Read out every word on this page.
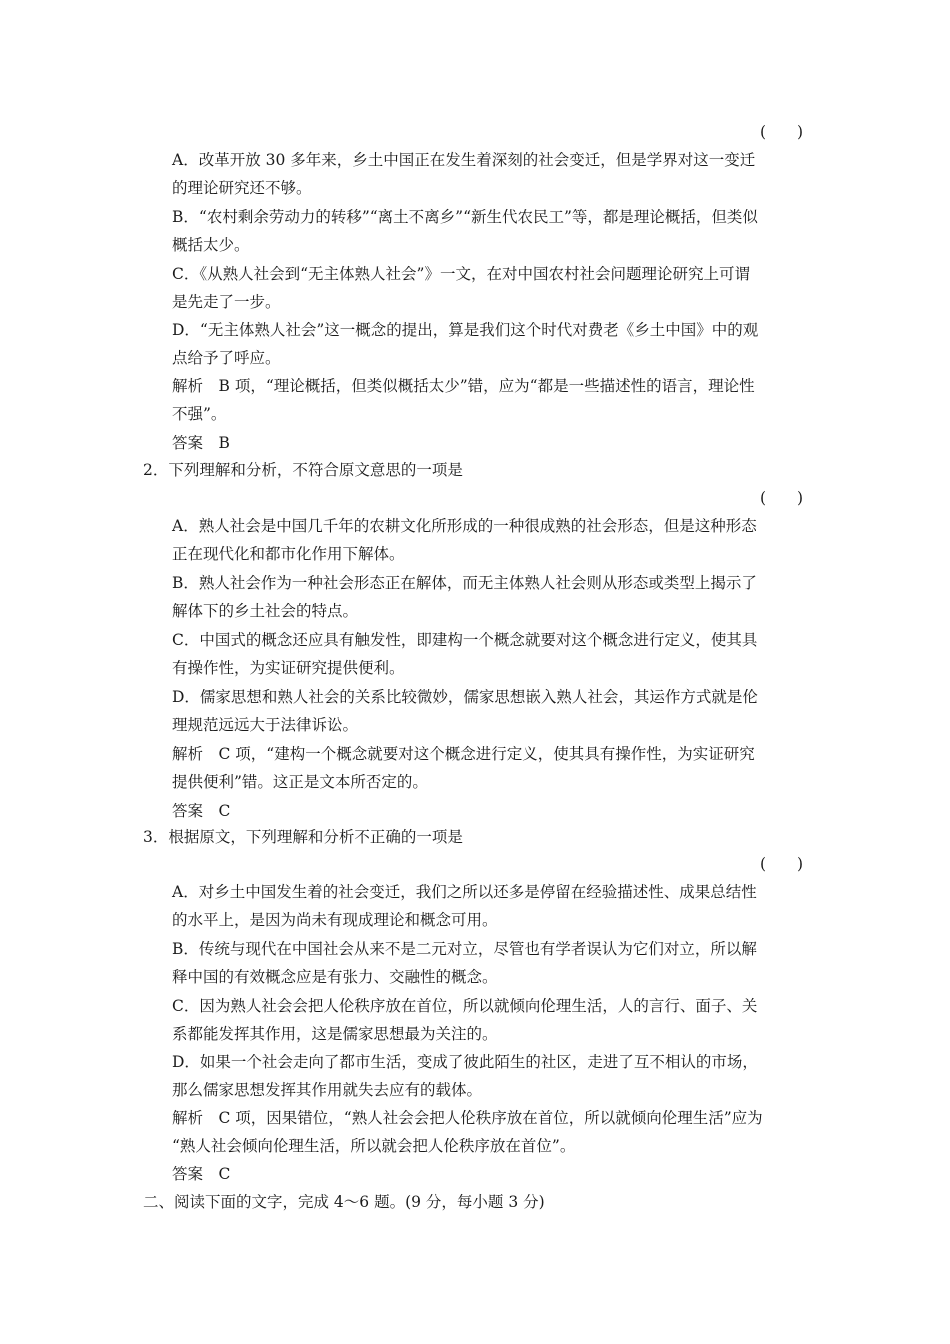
(　　)
A．改革开放 30 多年来，乡土中国正在发生着深刻的社会变迁，但是学界对这一变迁
的理论研究还不够。
B．“农村剩余劳动力的转移”“离土不离乡”“新生代农民工”等，都是理论概括，但类似
概括太少。
C．《从熟人社会到“无主体熟人社会”》一文，在对中国农村社会问题理论研究上可谓
是先走了一步。
D．“无主体熟人社会”这一概念的提出，算是我们这个时代对费老《乡土中国》中的观
点给予了呼应。
解析　B 项，“理论概括，但类似概括太少”错，应为“都是一些描述性的语言，理论性
不强”。
答案　B
2．下列理解和分析，不符合原文意思的一项是
(　　)
A．熟人社会是中国几千年的农耕文化所形成的一种很成熟的社会形态，但是这种形态
正在现代化和都市化作用下解体。
B．熟人社会作为一种社会形态正在解体，而无主体熟人社会则从形态或类型上揭示了
解体下的乡土社会的特点。
C．中国式的概念还应具有触发性，即建构一个概念就要对这个概念进行定义，使其具
有操作性，为实证研究提供便利。
D．儒家思想和熟人社会的关系比较微妙，儒家思想嵌入熟人社会，其运作方式就是伦
理规范远远大于法律诉讼。
解析　C 项，“建构一个概念就要对这个概念进行定义，使其具有操作性，为实证研究
提供便利”错。这正是文本所否定的。
答案　C
3．根据原文，下列理解和分析不正确的一项是
(　　)
A．对乡土中国发生着的社会变迁，我们之所以还多是停留在经验描述性、成果总结性
的水平上，是因为尚未有现成理论和概念可用。
B．传统与现代在中国社会从来不是二元对立，尽管也有学者误认为它们对立，所以解
释中国的有效概念应是有张力、交融性的概念。
C．因为熟人社会会把人伦秩序放在首位，所以就倾向伦理生活，人的言行、面子、关
系都能发挥其作用，这是儒家思想最为关注的。
D．如果一个社会走向了都市生活，变成了彼此陌生的社区，走进了互不相认的市场，
那么儒家思想发挥其作用就失去应有的载体。
解析　C 项，因果错位，“熟人社会会把人伦秩序放在首位，所以就倾向伦理生活”应为
“熟人社会倾向伦理生活，所以就会把人伦秩序放在首位”。
答案　C
二、阅读下面的文字，完成 4～6 题。(9 分，每小题 3 分)
